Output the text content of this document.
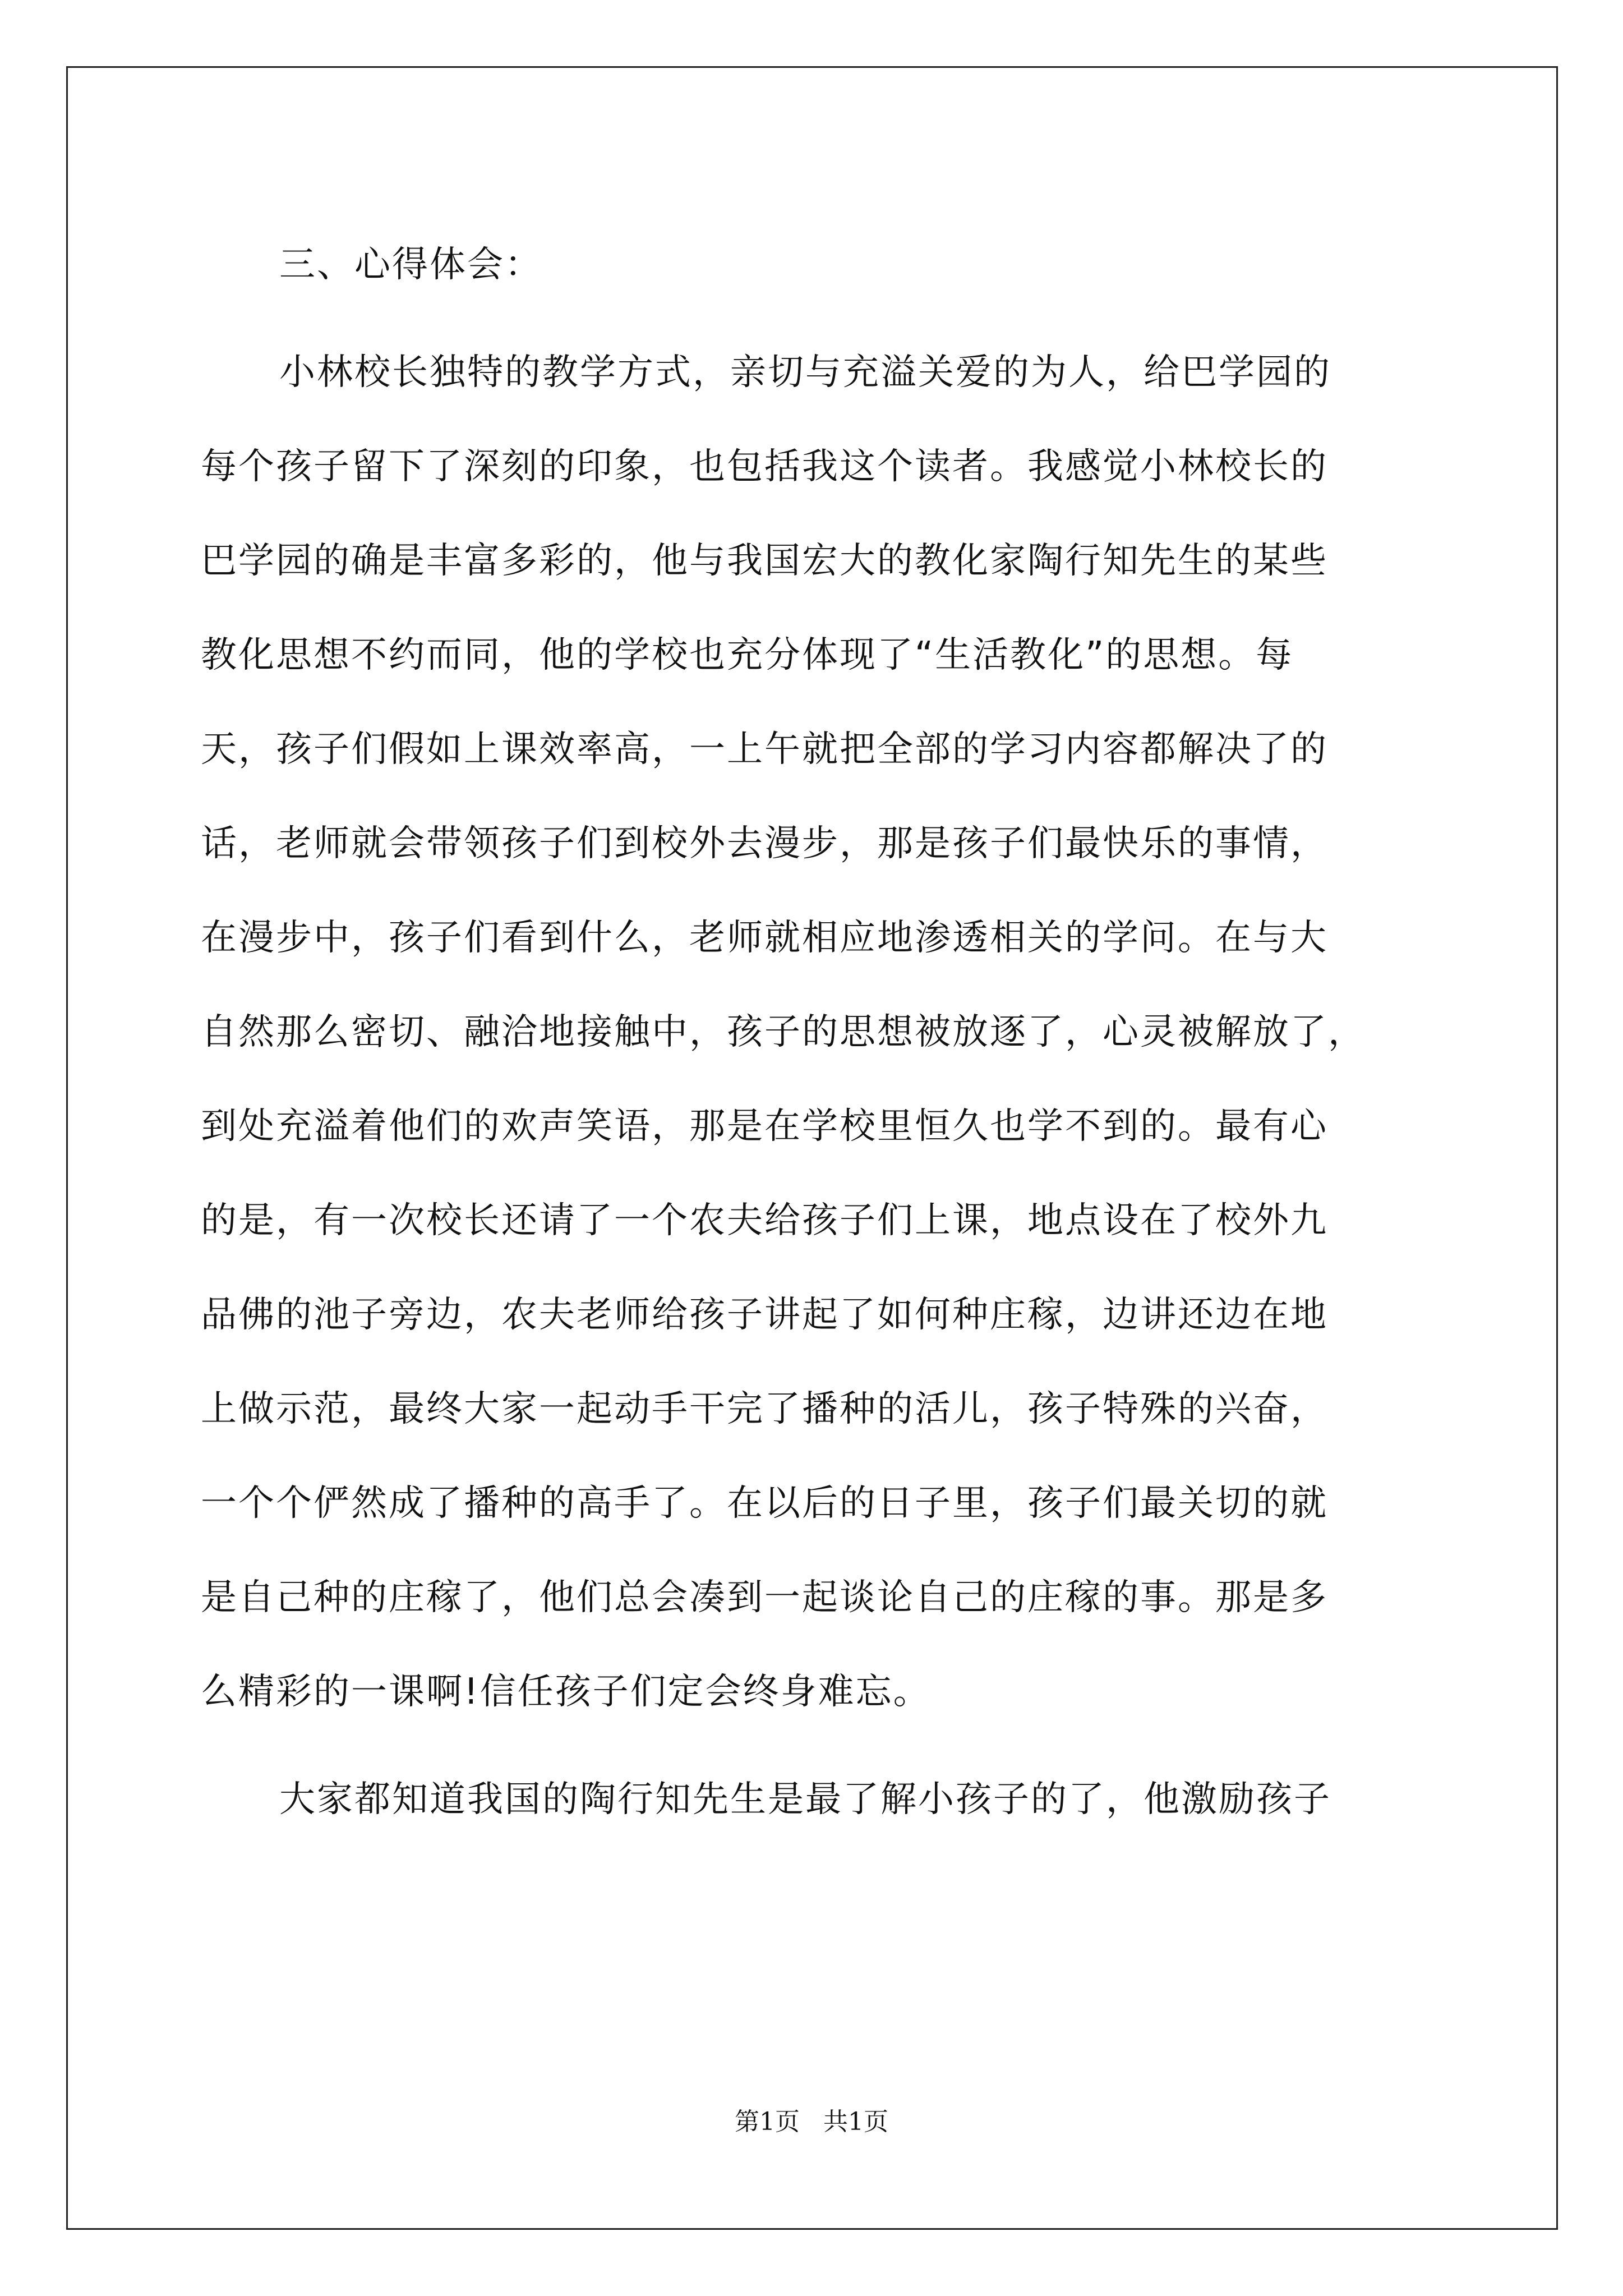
三、心得体会：
小林校长独特的教学方式，亲切与充溢关爱的为人，给巴学园的
每个孩子留下了深刻的印象，也包括我这个读者。我感觉小林校长的
巴学园的确是丰富多彩的，他与我国宏大的教化家陶行知先生的某些
教化思想不约而同，他的学校也充分体现了“生活教化”的思想。每
天，孩子们假如上课效率高，一上午就把全部的学习内容都解决了的
话，老师就会带领孩子们到校外去漫步，那是孩子们最快乐的事情，
在漫步中，孩子们看到什么，老师就相应地渗透相关的学问。在与大
自然那么密切、融洽地接触中，孩子的思想被放逐了，心灵被解放了，
到处充溢着他们的欢声笑语，那是在学校里恒久也学不到的。最有心
的是，有一次校长还请了一个农夫给孩子们上课，地点设在了校外九
品佛的池子旁边，农夫老师给孩子讲起了如何种庄稼，边讲还边在地
上做示范，最终大家一起动手干完了播种的活儿，孩子特殊的兴奋，
一个个俨然成了播种的高手了。在以后的日子里，孩子们最关切的就
是自己种的庄稼了，他们总会凑到一起谈论自己的庄稼的事。那是多
么精彩的一课啊!信任孩子们定会终身难忘。
大家都知道我国的陶行知先生是最了解小孩子的了，他激励孩子
第1页   共1页
